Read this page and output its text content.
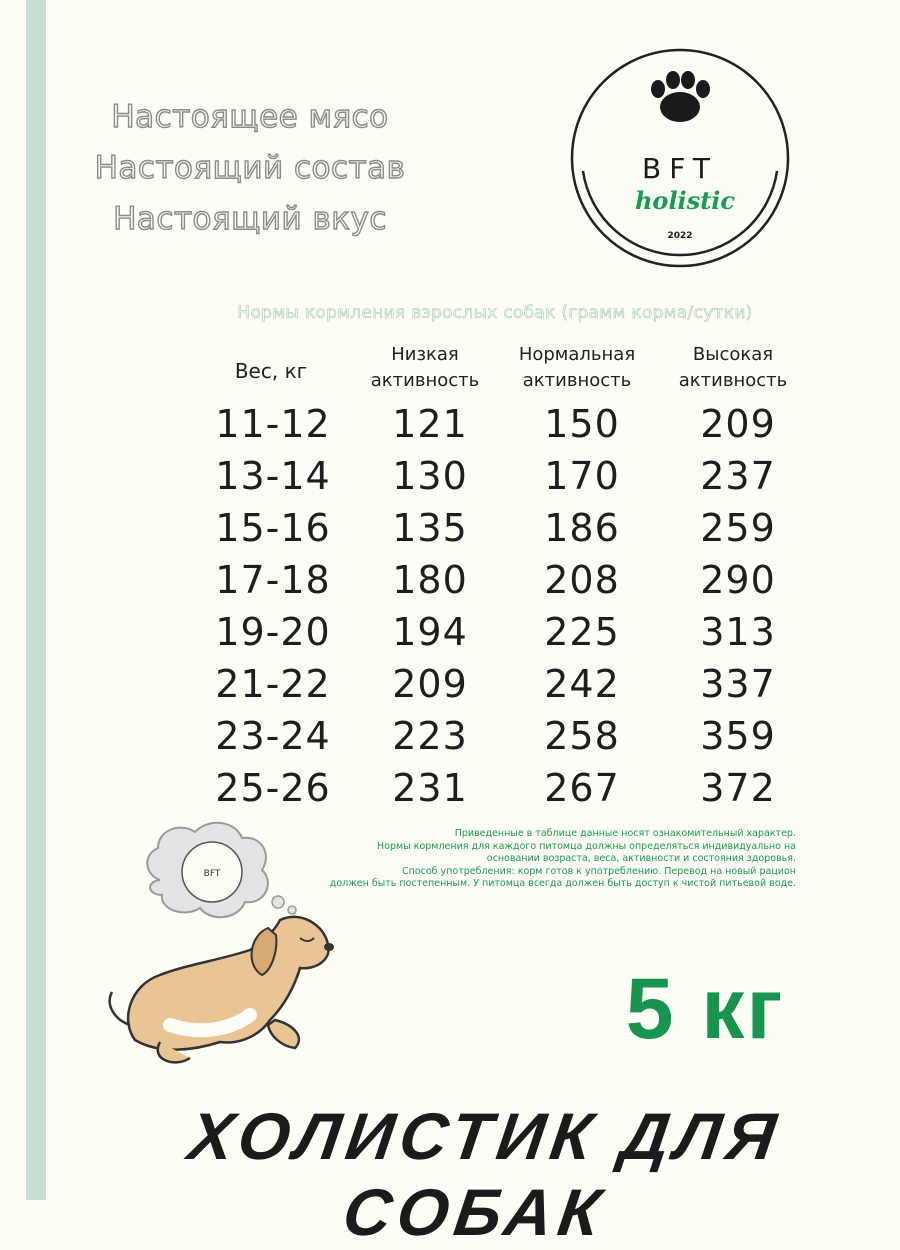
Настоящее мясо
Настоящий состав
Настоящий вкус
BFT
holistic
2022
Нормы кормления взрослых собак (грамм корма/сутки)
Вес, кг
Низкая
активность
Нормальная
активность
Высокая
активность
11-12	121	150	209
13-14	130	170	237
15-16	135	186	259
17-18	180	208	290
19-20	194	225	313
21-22	209	242	337
23-24	223	258	359
25-26	231	267	372
Приведенные в таблице данные носят ознакомительный характер.
Нормы кормления для каждого питомца должны определяться индивидуально на
основании возраста, веса, активности и состояния здоровья.
Способ употребления: корм готов к употреблению. Перевод на новый рацион
должен быть постепенным. У питомца всегда должен быть доступ к чистой питьевой воде.
BFT
5 кг
ХОЛИСТИК ДЛЯ СОБАК
